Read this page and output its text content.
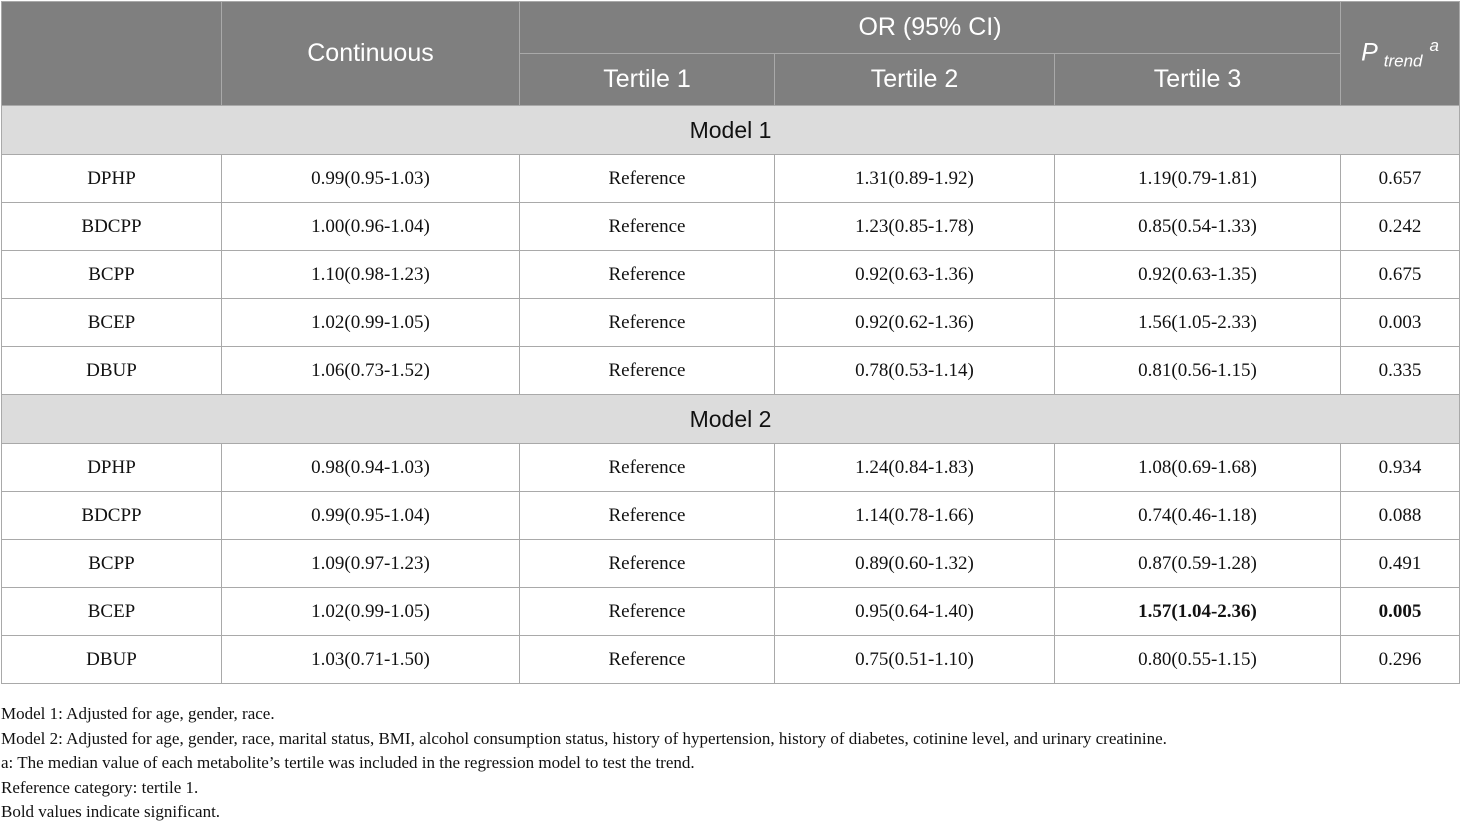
	Continuous	OR (95% CI)			P $_{trend}$ $^a$
		Tertile 1	Tertile 2	Tertile 3	
Model 1					
DPHP	0.99(0.95-1.03)	Reference	1.31(0.89-1.92)	1.19(0.79-1.81)	0.657
BDCPP	1.00(0.96-1.04)	Reference	1.23(0.85-1.78)	0.85(0.54-1.33)	0.242
BCPP	1.10(0.98-1.23)	Reference	0.92(0.63-1.36)	0.92(0.63-1.35)	0.675
BCEP	1.02(0.99-1.05)	Reference	0.92(0.62-1.36)	1.56(1.05-2.33)	0.003
DBUP	1.06(0.73-1.52)	Reference	0.78(0.53-1.14)	0.81(0.56-1.15)	0.335
Model 2					
DPHP	0.98(0.94-1.03)	Reference	1.24(0.84-1.83)	1.08(0.69-1.68)	0.934
BDCPP	0.99(0.95-1.04)	Reference	1.14(0.78-1.66)	0.74(0.46-1.18)	0.088
BCPP	1.09(0.97-1.23)	Reference	0.89(0.60-1.32)	0.87(0.59-1.28)	0.491
BCEP	1.02(0.99-1.05)	Reference	0.95(0.64-1.40)	1.57(1.04-2.36)	0.005
DBUP	1.03(0.71-1.50)	Reference	0.75(0.51-1.10)	0.80(0.55-1.15)	0.296
Model 1: Adjusted for age, gender, race.
Model 2: Adjusted for age, gender, race, marital status, BMI, alcohol consumption status, history of hypertension, history of diabetes, cotinine level, and urinary creatinine.
a: The median value of each metabolite’s tertile was included in the regression model to test the trend.
Reference category: tertile 1.
Bold values indicate significant.
